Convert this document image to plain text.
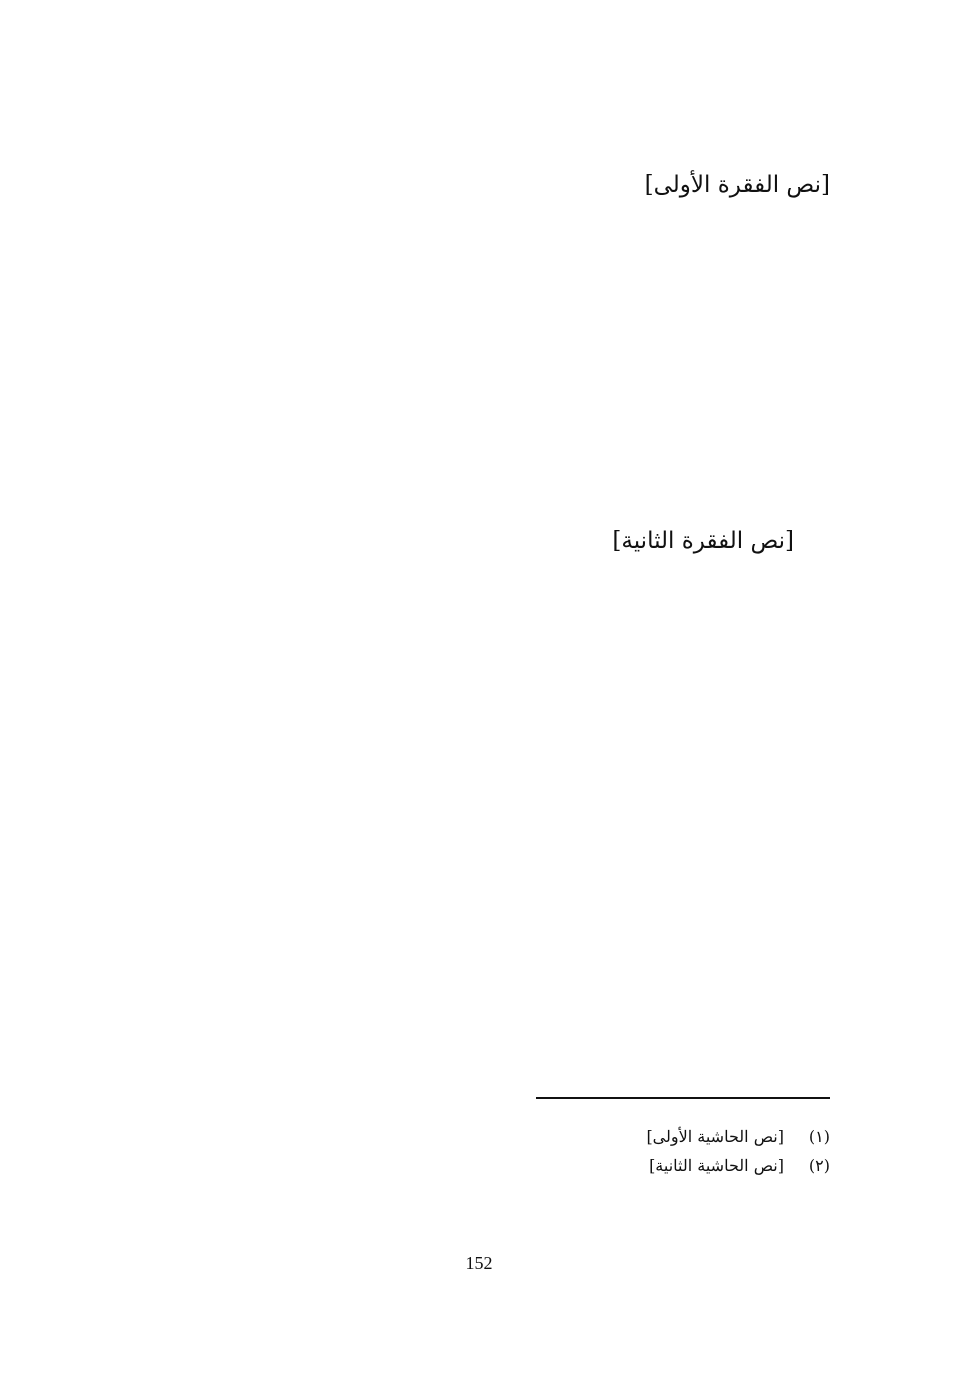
[نص الفقرة الأولى]

[نص الفقرة الثانية]

(١)
[نص الحاشية الأولى]
(٢)
[نص الحاشية الثانية]
152
